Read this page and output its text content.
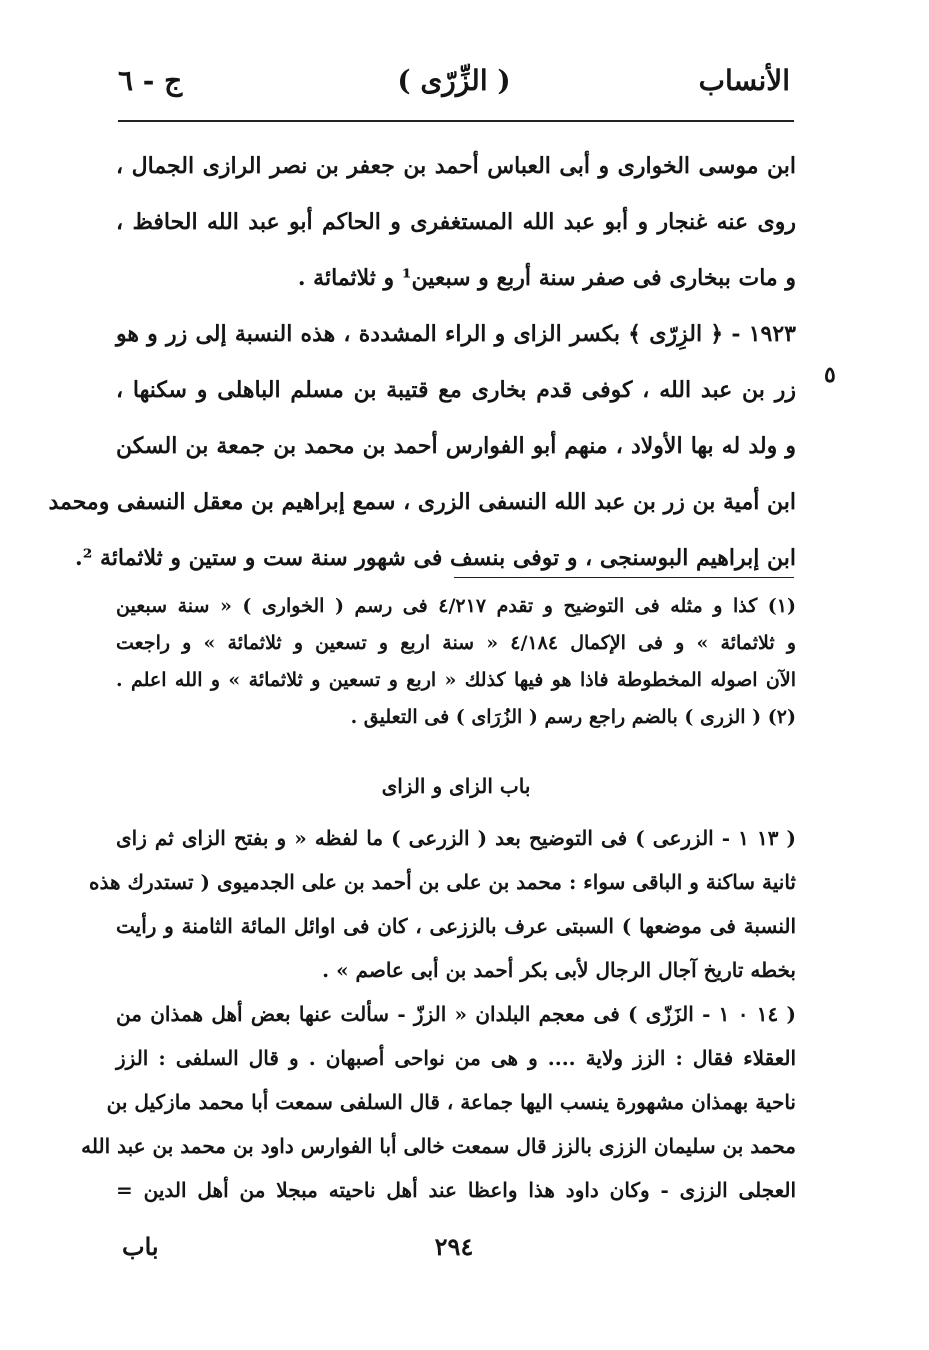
الأنساب
( الزِّرّى )
ج - ٦
ابن موسى الخوارى و أبى العباس أحمد بن جعفر بن نصر الرازى الجمال ،
روى عنه غنجار و أبو عبد الله المستغفرى و الحاكم أبو عبد الله الحافظ ،
و مات ببخارى فى صفر سنة أربع و سبعين¹ و ثلاثمائة .
١٩٢٣ - ﴿ الزِرّى ﴾ بكسر الزاى و الراء المشددة ، هذه النسبة إلى زر و هو
زر بن عبد الله ، كوفى قدم بخارى مع قتيبة بن مسلم الباهلى و سكنها ،
و ولد له بها الأولاد ، منهم أبو الفوارس أحمد بن محمد بن جمعة بن السكن
ابن أمية بن زر بن عبد الله النسفى الزرى ، سمع إبراهيم بن معقل النسفى ومحمد
ابن إبراهيم البوسنجى ، و توفى بنسف فى شهور سنة ست و ستين و ثلاثمائة ².
٥
(١) كذا و مثله فى التوضيح و تقدم ٤/٢١٧ فى رسم ( الخوارى ) « سنة سبعين
و ثلاثمائة » و فى الإكمال ٤/١٨٤ « سنة اربع و تسعين و ثلاثمائة » و راجعت
الآن اصوله المخطوطة فاذا هو فيها كذلك « اربع و تسعين و ثلاثمائة » و الله اعلم .
(٢) ( الزرى ) بالضم راجع رسم ( الزُرَاى ) فى التعليق .
باب الزاى و الزاى
( ١٣ ١ - الزرعى ) فى التوضيح بعد ( الزرعى ) ما لفظه « و بفتح الزاى ثم زاى
ثانية ساكنة و الباقى سواء : محمد بن على بن أحمد بن على الجدميوى ( تستدرك هذه
النسبة فى موضعها ) السبتى عرف بالززعى ، كان فى اوائل المائة الثامنة و رأيت
بخطه تاريخ آجال الرجال لأبى بكر أحمد بن أبى عاصم » .
( ١٤ ٠ ١ - الزَزّى ) فى معجم البلدان « الززّ - سألت عنها بعض أهل همذان من
العقلاء فقال : الزز ولاية .... و هى من نواحى أصبهان . و قال السلفى : الزز
ناحية بهمذان مشهورة ينسب اليها جماعة ، قال السلفى سمعت أبا محمد مازكيل بن
محمد بن سليمان الززى بالزز قال سمعت خالى أبا الفوارس داود بن محمد بن عبد الله
العجلى الززى - وكان داود هذا واعظا عند أهل ناحيته مبجلا من أهل الدين =
٢٩٤
باب
